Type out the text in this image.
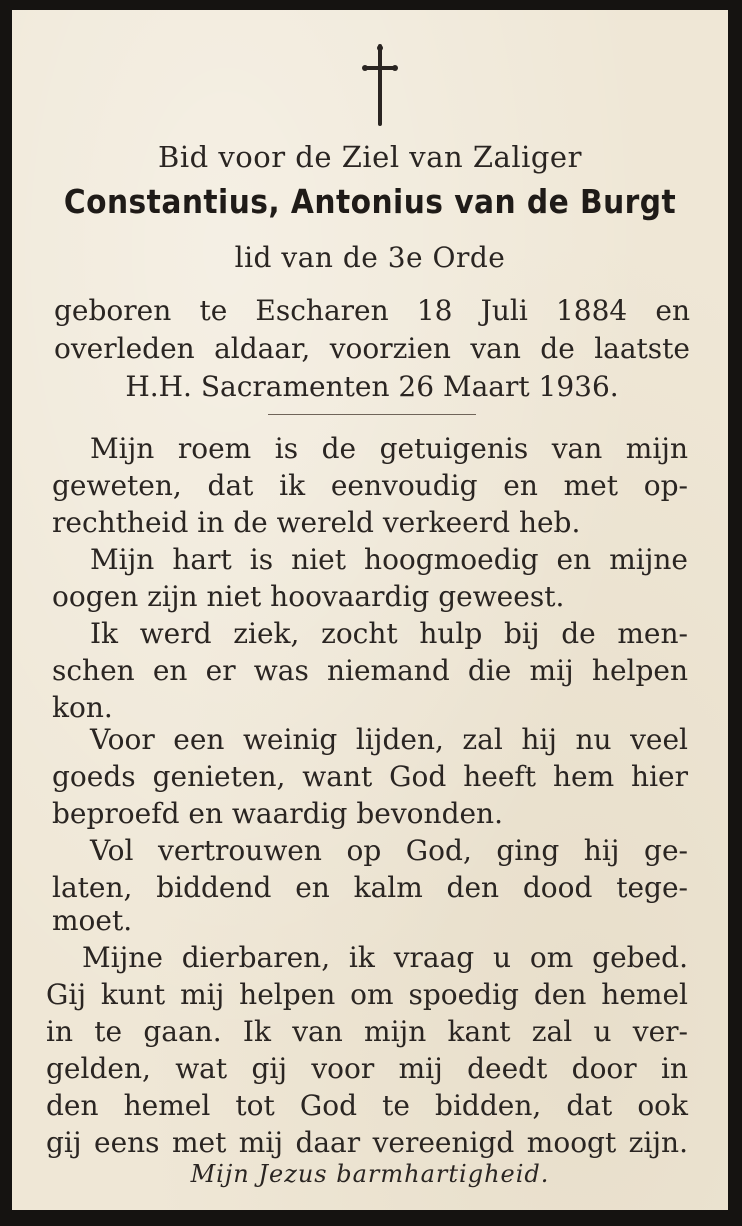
Bid voor de Ziel van Zaliger
Constantius, Antonius van de Burgt
lid van de 3e Orde
geboren te Escharen 18 Juli 1884 en
overleden aldaar, voorzien van de laatste
H.H. Sacramenten 26 Maart 1936.
Mijn roem is de getuigenis van mijn
geweten, dat ik eenvoudig en met op-
rechtheid in de wereld verkeerd heb.
Mijn hart is niet hoogmoedig en mijne
oogen zijn niet hoovaardig geweest.
Ik werd ziek, zocht hulp bij de men-
schen en er was niemand die mij helpen
kon.
Voor een weinig lijden, zal hij nu veel
goeds genieten, want God heeft hem hier
beproefd en waardig bevonden.
Vol vertrouwen op God, ging hij ge-
laten, biddend en kalm den dood tege-
moet.
Mijne dierbaren, ik vraag u om gebed.
Gij kunt mij helpen om spoedig den hemel
in te gaan. Ik van mijn kant zal u ver-
gelden, wat gij voor mij deedt door in
den hemel tot God te bidden, dat ook
gij eens met mij daar vereenigd moogt zijn.
Mijn Jezus barmhartigheid.
